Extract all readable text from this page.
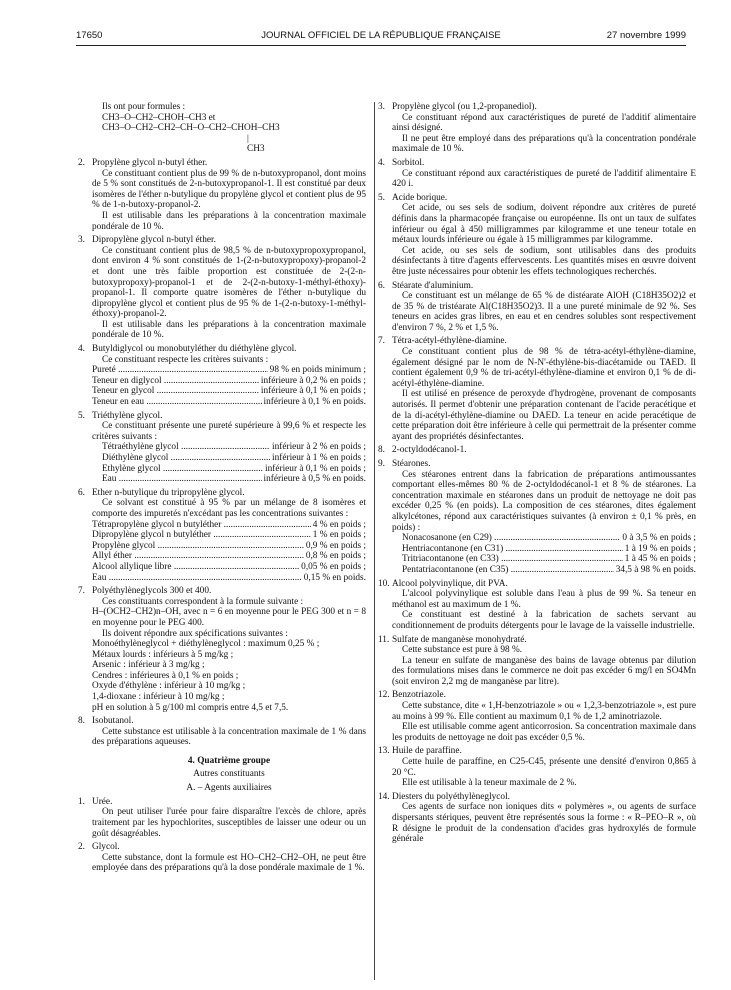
17650	JOURNAL OFFICIEL DE LA RÉPUBLIQUE FRANÇAISE	27 novembre 1999

Ils ont pour formules :

CH3–O–CH2–CHOH–CH3 et

CH3–O–CH2–CH2–CH–O–CH2–CHOH–CH3

|

CH3

2. Propylène glycol n-butyl éther.

Ce constituant contient plus de 99 % de n-butoxypropanol, dont moins de 5 % sont constitués de 2-n-butoxypropanol-1. Il est constitué par deux isomères de l'éther n-butylique du propylène glycol et contient plus de 95 % de 1-n-butoxy-propanol-2.

Il est utilisable dans les préparations à la concentration maximale pondérale de 10 %.

3. Dipropylène glycol n-butyl éther.

Ce constituant contient plus de 98,5 % de n-butoxypropoxypropanol, dont environ 4 % sont constitués de 1-(2-n-butoxypropoxy)-propanol-2 et dont une très faible proportion est constituée de 2-(2-n-butoxypropoxy)-propanol-1 et de 2-(2-n-butoxy-1-méthyl-éthoxy)-propanol-1. Il comporte quatre isomères de l'éther n-butylique du dipropylène glycol et contient plus de 95 % de 1-(2-n-butoxy-1-méthyl-éthoxy)-propanol-2.

Il est utilisable dans les préparations à la concentration maximale pondérale de 10 %.

4. Butyldiglycol ou monobutyléther du diéthylène glycol.

Ce constituant respecte les critères suivants :

Pureté .....	98 % en poids minimum ;
Teneur en diglycol .....	inférieure à 0,2 % en poids ;
Teneur en glycol .....	inférieure à 0,1 % en poids ;
Teneur en eau .....	inférieure à 0,1 % en poids.
5. Triéthylène glycol.

Ce constituant présente une pureté supérieure à 99,6 % et respecte les critères suivants :

Tétraéthylène glycol .....	inférieur à 2 % en poids ;
Diéthylène glycol .....	inférieur à 1 % en poids ;
Ethylène glycol .....	inférieur à 0,1 % en poids ;
Eau .....	inférieure à 0,5 % en poids.
6. Ether n-butylique du tripropylène glycol.

Ce solvant est constitué à 95 % par un mélange de 8 isomères et comporte des impuretés n'excédant pas les concentrations suivantes :

Tétrapropylène glycol n butyléther .....	4 % en poids ;
Dipropylène glycol n butyléther .....	1 % en poids ;
Propylène glycol .....	0,9 % en poids ;
Allyl éther .....	0,8 % en poids ;
Alcool allylique libre .....	0,05 % en poids ;
Eau .....	0,15 % en poids.
7. Polyéthylèneglycols 300 et 400.

Ces constituants correspondent à la formule suivante :

H–(OCH2–CH2)n–OH, avec n = 6 en moyenne pour le PEG 300 et n = 8 en moyenne pour le PEG 400.

Ils doivent répondre aux spécifications suivantes :

Monoéthylèneglycol + diéthylèneglycol : maximum 0,25 % ;

Métaux lourds : inférieurs à 5 mg/kg ;

Arsenic : inférieur à 3 mg/kg ;

Cendres : inférieures à 0,1 % en poids ;

Oxyde d'éthylène : inférieur à 10 mg/kg ;

1,4-dioxane : inférieur à 10 mg/kg ;

pH en solution à 5 g/100 ml compris entre 4,5 et 7,5.

8. Isobutanol.

Cette substance est utilisable à la concentration maximale de 1 % dans des préparations aqueuses.

4. Quatrième groupe

Autres constituants

A. – Agents auxiliaires

1. Urée.

On peut utiliser l'urée pour faire disparaître l'excès de chlore, après traitement par les hypochlorites, susceptibles de laisser une odeur ou un goût désagréables.

2. Glycol.

Cette substance, dont la formule est HO–CH2–CH2–OH, ne peut être employée dans des préparations qu'à la dose pondérale maximale de 1 %.

3. Propylène glycol (ou 1,2-propanediol).

Ce constituant répond aux caractéristiques de pureté de l'additif alimentaire ainsi désigné.

Il ne peut être employé dans des préparations qu'à la concentration pondérale maximale de 10 %.

4. Sorbitol.

Ce constituant répond aux caractéristiques de pureté de l'additif alimentaire E 420 i.

5. Acide borique.

Cet acide, ou ses sels de sodium, doivent répondre aux critères de pureté définis dans la pharmacopée française ou européenne. Ils ont un taux de sulfates inférieur ou égal à 450 milligrammes par kilogramme et une teneur totale en métaux lourds inférieure ou égale à 15 milligrammes par kilogramme.

Cet acide, ou ses sels de sodium, sont utilisables dans des produits désinfectants à titre d'agents effervescents. Les quantités mises en œuvre doivent être juste nécessaires pour obtenir les effets technologiques recherchés.

6. Stéarate d'aluminium.

Ce constituant est un mélange de 65 % de distéarate AlOH (C18H35O2)2 et de 35 % de tristéarate Al(C18H35O2)3. Il a une pureté minimale de 92 %. Ses teneurs en acides gras libres, en eau et en cendres solubles sont respectivement d'environ 7 %, 2 % et 1,5 %.

7. Tétra-acétyl-éthylène-diamine.

Ce constituant contient plus de 98 % de tétra-acétyl-éthylène-diamine, également désigné par le nom de N-N'-éthylène-bis-diacétamide ou TAED. Il contient également 0,9 % de tri-acétyl-éthylène-diamine et environ 0,1 % de di-acétyl-éthylène-diamine.

Il est utilisé en présence de peroxyde d'hydrogène, provenant de composants autorisés. Il permet d'obtenir une préparation contenant de l'acide peracétique et de la di-acétyl-éthylène-diamine ou DAED. La teneur en acide peracétique de cette préparation doit être inférieure à celle qui permettrait de la présenter comme ayant des propriétés désinfectantes.

8. 2-octyldodécanol-1.

9. Stéarones.

Ces stéarones entrent dans la fabrication de préparations antimoussantes comportant elles-mêmes 80 % de 2-octyldodécanol-1 et 8 % de stéarones. La concentration maximale en stéarones dans un produit de nettoyage ne doit pas excéder 0,25 % (en poids). La composition de ces stéarones, dites également alkylcétones, répond aux caractéristiques suivantes (à environ ± 0,1 % près, en poids) :

Nonacosanone (en C29) .....	0 à 3,5 % en poids ;
Hentriacontanone (en C31) .....	1 à 19 % en poids ;
Tritriacontanone (en C33) .....	1 à 45 % en poids ;
Pentatriacontanone (en C35) .....	34,5 à 98 % en poids.
10. Alcool polyvinylique, dit PVA.

L'alcool polyvinylique est soluble dans l'eau à plus de 99 %. Sa teneur en méthanol est au maximum de 1 %.

Ce constituant est destiné à la fabrication de sachets servant au conditionnement de produits détergents pour le lavage de la vaisselle industrielle.

11. Sulfate de manganèse monohydraté.

Cette substance est pure à 98 %.

La teneur en sulfate de manganèse des bains de lavage obtenus par dilution des formulations mises dans le commerce ne doit pas excéder 6 mg/l en SO4Mn (soit environ 2,2 mg de manganèse par litre).

12. Benzotriazole.

Cette substance, dite « 1,H-benzotriazole » ou « 1,2,3-benzotriazole », est pure au moins à 99 %. Elle contient au maximum 0,1 % de 1,2 aminotriazole.

Elle est utilisable comme agent anticorrosion. Sa concentration maximale dans les produits de nettoyage ne doit pas excéder 0,5 %.

13. Huile de paraffine.

Cette huile de paraffine, en C25-C45, présente une densité d'environ 0,865 à 20 °C.

Elle est utilisable à la teneur maximale de 2 %.

14. Diesters du polyéthylèneglycol.

Ces agents de surface non ioniques dits « polymères », ou agents de surface dispersants stériques, peuvent être représentés sous la forme : « R–PEO–R », où R désigne le produit de la condensation d'acides gras hydroxylés de formule générale
